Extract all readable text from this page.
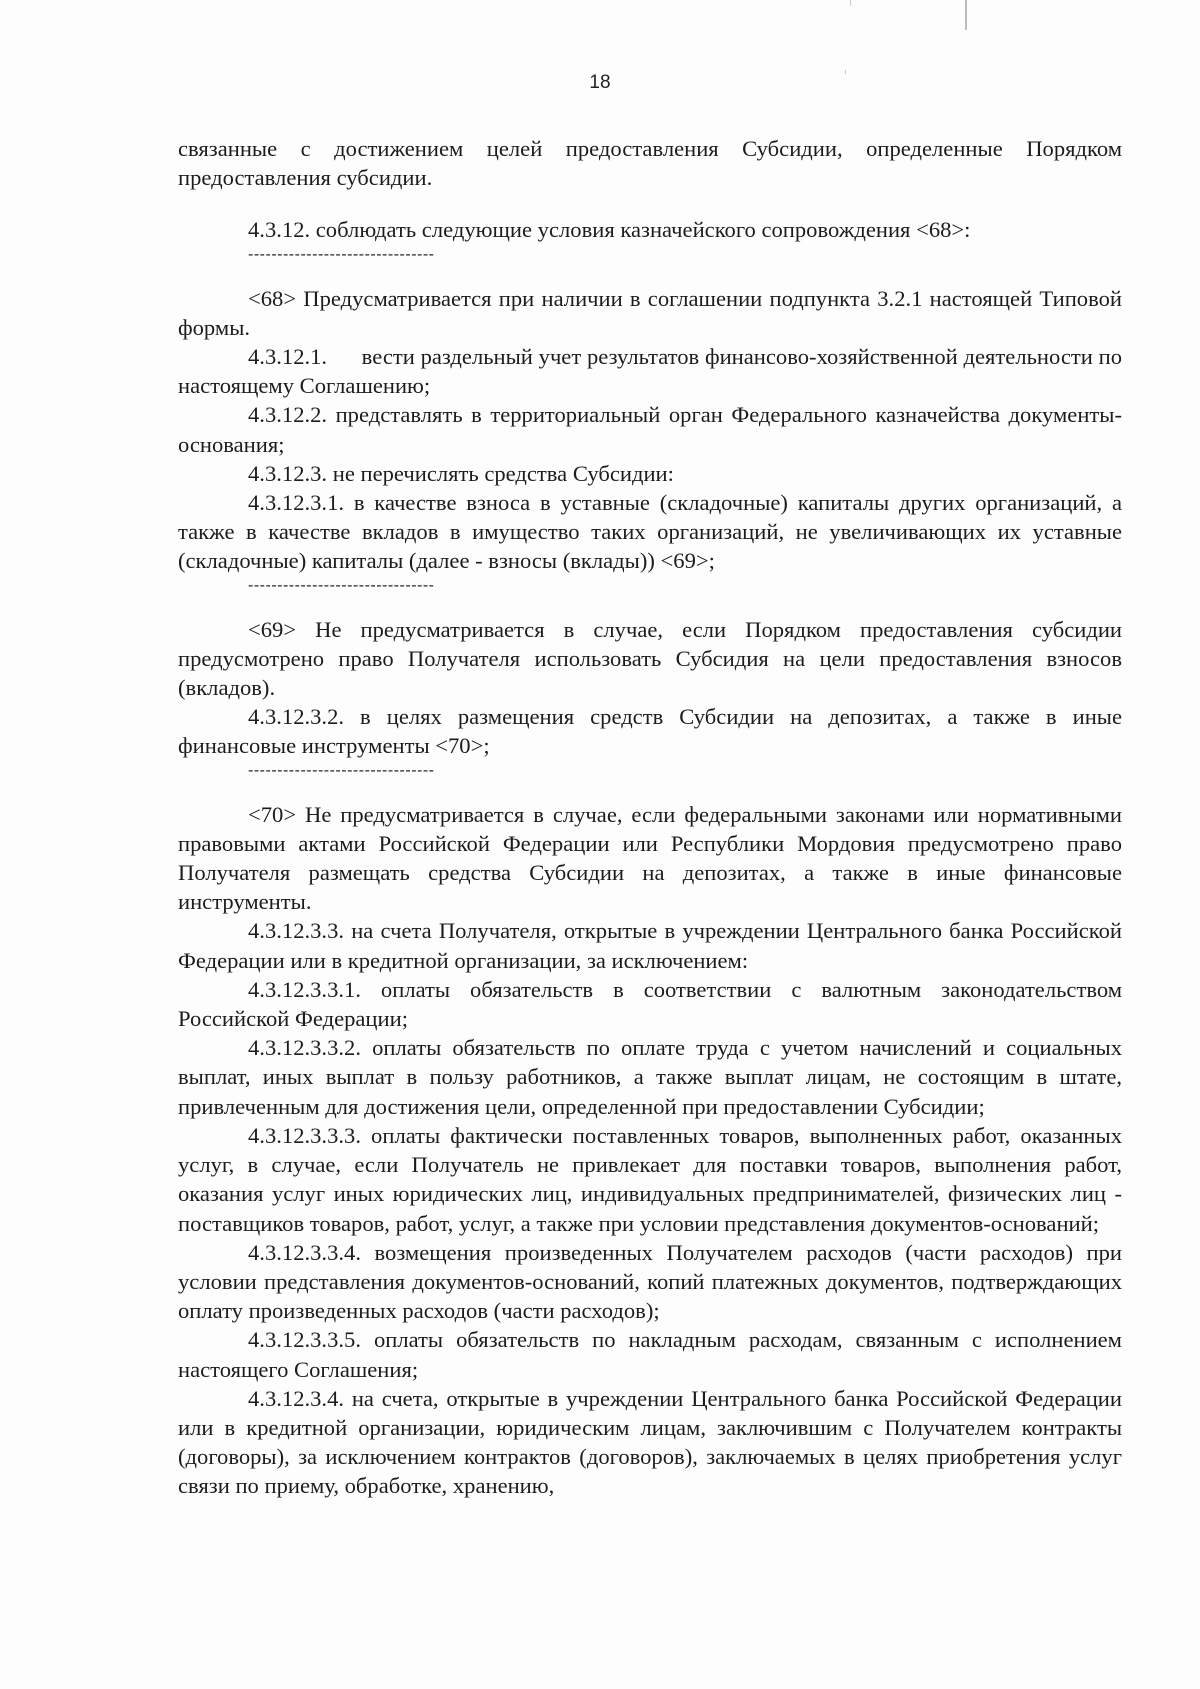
18

связанные с достижением целей предоставления Субсидии, определенные Порядком предоставления субсидии.

4.3.12. соблюдать следующие условия казначейского сопровождения <68>:

--------------------------------

<68> Предусматривается при наличии в соглашении подпункта 3.2.1 настоящей Типовой формы.

4.3.12.1.      вести раздельный учет результатов финансово-хозяйственной деятельности по настоящему Соглашению;

4.3.12.2. представлять в территориальный орган Федерального казначейства документы-основания;

4.3.12.3. не перечислять средства Субсидии:

4.3.12.3.1. в качестве взноса в уставные (складочные) капиталы других организаций, а также в качестве вкладов в имущество таких организаций, не увеличивающих их уставные (складочные) капиталы (далее - взносы (вклады)) <69>;

--------------------------------

<69> Не предусматривается в случае, если Порядком предоставления субсидии предусмотрено право Получателя использовать Субсидия на цели предоставления взносов (вкладов).

4.3.12.3.2. в целях размещения средств Субсидии на депозитах, а также в иные финансовые инструменты <70>;

--------------------------------

<70> Не предусматривается в случае, если федеральными законами или нормативными правовыми актами Российской Федерации или Республики Мордовия предусмотрено право Получателя размещать средства Субсидии на депозитах, а также в иные финансовые инструменты.

4.3.12.3.3. на счета Получателя, открытые в учреждении Центрального банка Российской Федерации или в кредитной организации, за исключением:

4.3.12.3.3.1. оплаты обязательств в соответствии с валютным законодательством Российской Федерации;

4.3.12.3.3.2. оплаты обязательств по оплате труда с учетом начислений и социальных выплат, иных выплат в пользу работников, а также выплат лицам, не состоящим в штате, привлеченным для достижения цели, определенной при предоставлении Субсидии;

4.3.12.3.3.3. оплаты фактически поставленных товаров, выполненных работ, оказанных услуг, в случае, если Получатель не привлекает для поставки товаров, выполнения работ, оказания услуг иных юридических лиц, индивидуальных предпринимателей, физических лиц - поставщиков товаров, работ, услуг, а также при условии представления документов-оснований;

4.3.12.3.3.4. возмещения произведенных Получателем расходов (части расходов) при условии представления документов-оснований, копий платежных документов, подтверждающих оплату произведенных расходов (части расходов);

4.3.12.3.3.5. оплаты обязательств по накладным расходам, связанным с исполнением настоящего Соглашения;

4.3.12.3.4. на счета, открытые в учреждении Центрального банка Российской Федерации или в кредитной организации, юридическим лицам, заключившим с Получателем контракты (договоры), за исключением контрактов (договоров), заключаемых в целях приобретения услуг связи по приему, обработке, хранению,
